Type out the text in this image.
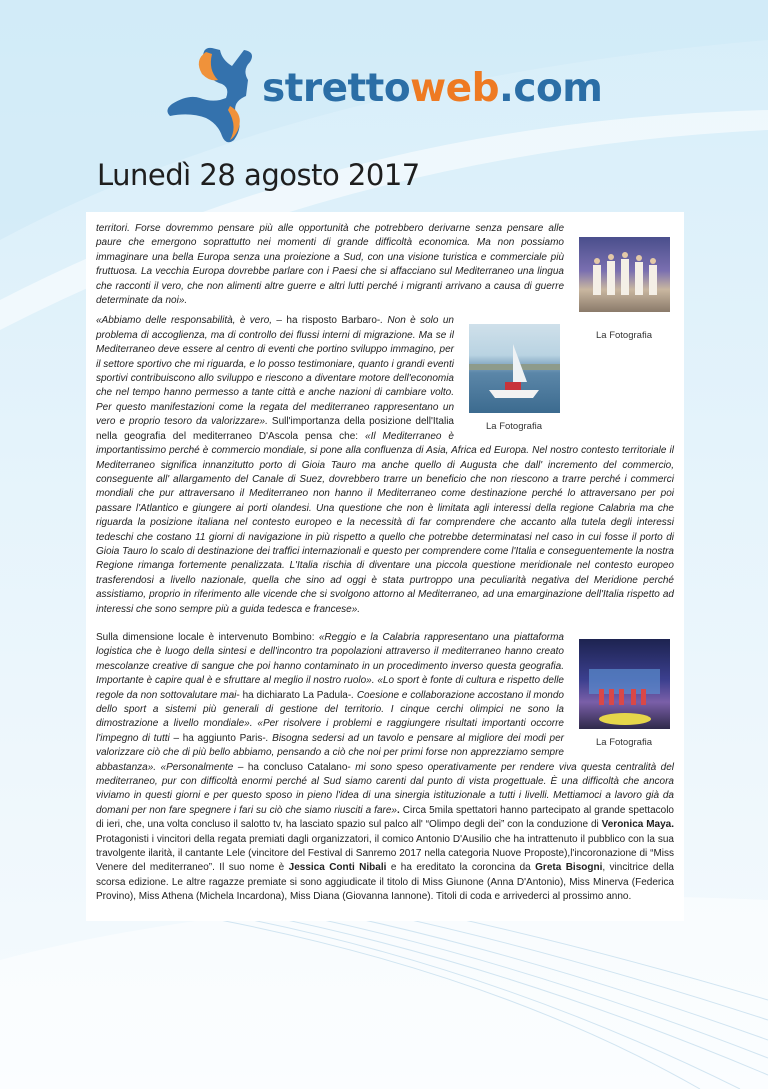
strettoweb.com
Lunedì 28 agosto 2017
La Fotografia
territori. Forse dovremmo pensare più alle opportunità che potrebbero derivarne senza pensare alle paure che emergono soprattutto nei momenti di grande difficoltà economica. Ma non possiamo immaginare una bella Europa senza una proiezione a Sud, con una visione turistica e commerciale più fruttuosa. La vecchia Europa dovrebbe parlare con i Paesi che si affacciano sul Mediterraneo una lingua che racconti il vero, che non alimenti altre guerre e altri lutti perché i migranti arrivano a causa di guerre determinate da noi».
La Fotografia
«Abbiamo delle responsabilità, è vero, – ha risposto Barbaro-. Non è solo un problema di accoglienza, ma di controllo dei flussi interni di migrazione. Ma se il Mediterraneo deve essere al centro di eventi che portino sviluppo immagino, per il settore sportivo che mi riguarda, e lo posso testimoniare, quanto i grandi eventi sportivi contribuiscono allo sviluppo e riescono a diventare motore dell'economia che nel tempo hanno permesso a tante città e anche nazioni di cambiare volto. Per questo manifestazioni come la regata del mediterraneo rappresentano un vero e proprio tesoro da valorizzare». Sull'importanza della posizione dell'Italia nella geografia del mediterraneo D'Ascola pensa che: «Il Mediterraneo è importantissimo perché è commercio mondiale, si pone alla confluenza di Asia, Africa ed Europa. Nel nostro contesto territoriale il Mediterraneo significa innanzitutto porto di Gioia Tauro ma anche quello di Augusta che dall' incremento del commercio, conseguente all' allargamento del Canale di Suez, dovrebbero trarre un beneficio che non riescono a trarre perché i commerci mondiali che pur attraversano il Mediterraneo non hanno il Mediterraneo come destinazione perché lo attraversano per poi passare l'Atlantico e giungere ai porti olandesi. Una questione che non è limitata agli interessi della regione Calabria ma che riguarda la posizione italiana nel contesto europeo e la necessità di far comprendere che accanto alla tutela degli interessi tedeschi che costano 11 giorni di navigazione in più rispetto a quello che potrebbe determinatasi nel caso in cui fosse il porto di Gioia Tauro lo scalo di destinazione dei traffici internazionali e questo per comprendere come l'Italia e conseguentemente la nostra Regione rimanga fortemente penalizzata. L'Italia rischia di diventare una piccola questione meridionale nel contesto europeo trasferendosi a livello nazionale, quella che sino ad oggi è stata purtroppo una peculiarità negativa del Meridione perché assistiamo, proprio in riferimento alle vicende che si svolgono attorno al Mediterraneo, ad una emarginazione dell'Italia rispetto ad interessi che sono sempre più a guida tedesca e francese».
La Fotografia
Sulla dimensione locale è intervenuto Bombino: «Reggio e la Calabria rappresentano una piattaforma logistica che è luogo della sintesi e dell'incontro tra popolazioni attraverso il mediterraneo hanno creato mescolanze creative di sangue che poi hanno contaminato in un procedimento inverso questa geografia. Importante è capire qual è e sfruttare al meglio il nostro ruolo». «Lo sport è fonte di cultura e rispetto delle regole da non sottovalutare mai- ha dichiarato La Padula-. Coesione e collaborazione accostano il mondo dello sport a sistemi più generali di gestione del territorio. I cinque cerchi olimpici ne sono la dimostrazione a livello mondiale». «Per risolvere i problemi e raggiungere risultati importanti occorre l'impegno di tutti – ha aggiunto Paris-. Bisogna sedersi ad un tavolo e pensare al migliore dei modi per valorizzare ciò che di più bello abbiamo, pensando a ciò che noi per primi forse non apprezziamo sempre abbastanza». «Personalmente – ha concluso Catalano- mi sono speso operativamente per rendere viva questa centralità del mediterraneo, pur con difficoltà enormi perché al Sud siamo carenti dal punto di vista progettuale. È una difficoltà che ancora viviamo in questi giorni e per questo sposo in pieno l'idea di una sinergia istituzionale a tutti i livelli. Mettiamoci a lavoro già da domani per non fare spegnere i fari su ciò che siamo riusciti a fare». Circa 5mila spettatori hanno partecipato al grande spettacolo di ieri, che, una volta concluso il salotto tv, ha lasciato spazio sul palco all' “Olimpo degli dei” con la conduzione di Veronica Maya. Protagonisti i vincitori della regata premiati dagli organizzatori, il comico Antonio D'Ausilio che ha intrattenuto il pubblico con la sua travolgente ilarità, il cantante Lele (vincitore del Festival di Sanremo 2017 nella categoria Nuove Proposte),l'incoronazione di “Miss Venere del mediterraneo”. Il suo nome è Jessica Conti Nibali e ha ereditato la coroncina da Greta Bisogni, vincitrice della scorsa edizione. Le altre ragazze premiate si sono aggiudicate il titolo di Miss Giunone (Anna D'Antonio), Miss Minerva (Federica Provino), Miss Athena (Michela Incardona), Miss Diana (Giovanna Iannone). Titoli di coda e arrivederci al prossimo anno.
